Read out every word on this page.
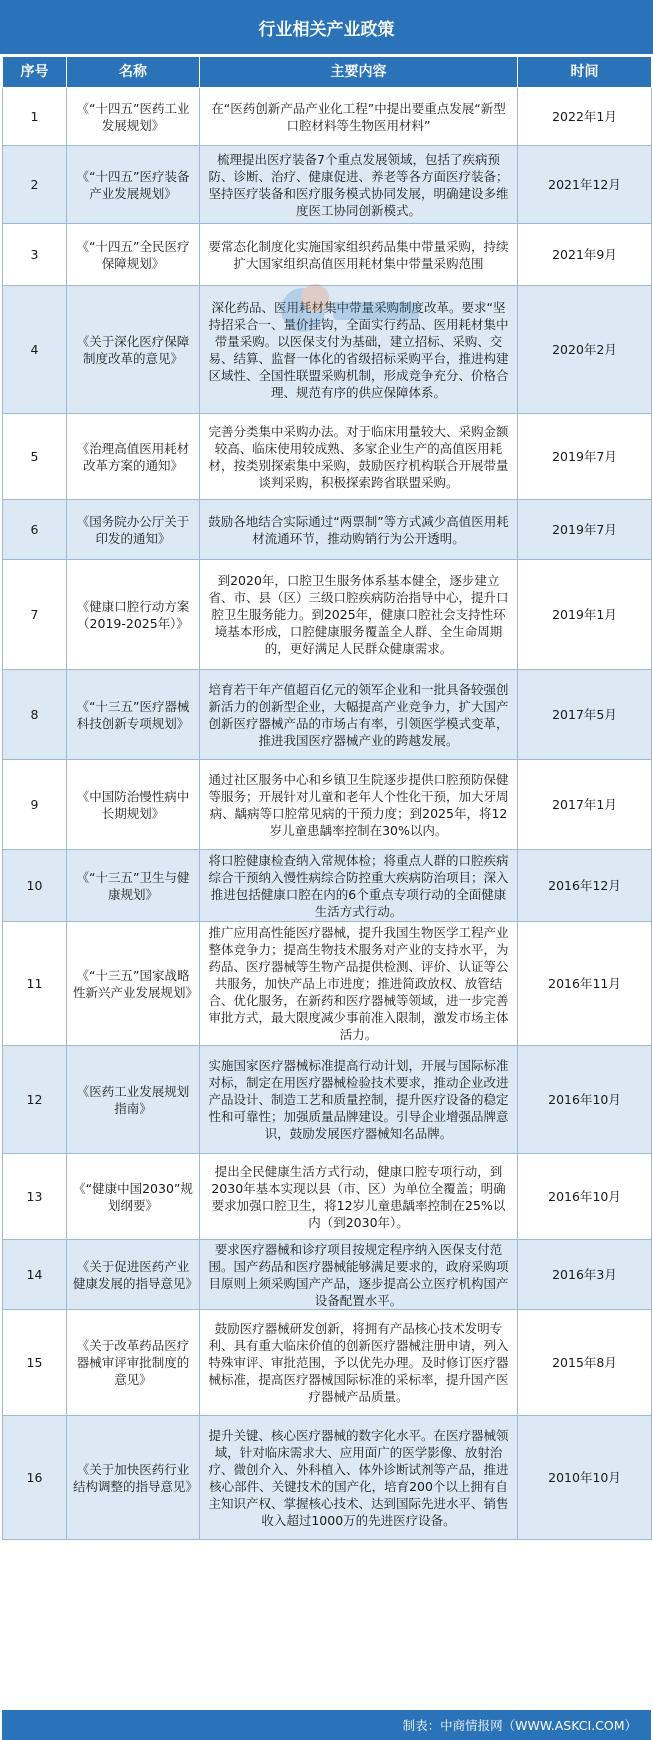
行业相关产业政策
序号	名称	主要内容	时间
1	《“十四五”医药工业发展规划》	在“医药创新产品产业化工程”中提出要重点发展“新型口腔材料等生物医用材料”	2022年1月
2	《“十四五”医疗装备产业发展规划》	梳理提出医疗装备7个重点发展领域，包括了疾病预防、诊断、治疗、健康促进、养老等各方面医疗装备；坚持医疗装备和医疗服务模式协同发展，明确建设多维度医工协同创新模式。	2021年12月
3	《“十四五”全民医疗保障规划》	要常态化制度化实施国家组织药品集中带量采购，持续扩大国家组织高值医用耗材集中带量采购范围	2021年9月
4	《关于深化医疗保障制度改革的意见》	深化药品、医用耗材集中带量采购制度改革。要求“坚持招采合一、量价挂钩，全面实行药品、医用耗材集中带量采购。以医保支付为基础，建立招标、采购、交易、结算、监督一体化的省级招标采购平台，推进构建区域性、全国性联盟采购机制，形成竞争充分、价格合理、规范有序的供应保障体系。	2020年2月
5	《治理高值医用耗材改革方案的通知》	完善分类集中采购办法。对于临床用量较大、采购金额较高、临床使用较成熟、多家企业生产的高值医用耗材，按类别探索集中采购，鼓励医疗机构联合开展带量谈判采购，积极探索跨省联盟采购。	2019年7月
6	《国务院办公厅关于印发的通知》	鼓励各地结合实际通过“两票制”等方式减少高值医用耗材流通环节，推动购销行为公开透明。	2019年7月
7	《健康口腔行动方案（2019-2025年）》	到2020年，口腔卫生服务体系基本健全，逐步建立省、市、县（区）三级口腔疾病防治指导中心，提升口腔卫生服务能力。到2025年，健康口腔社会支持性环境基本形成，口腔健康服务覆盖全人群、全生命周期的，更好满足人民群众健康需求。	2019年1月
8	《“十三五”医疗器械科技创新专项规划》	培育若干年产值超百亿元的领军企业和一批具备较强创新活力的创新型企业，大幅提高产业竞争力，扩大国产创新医疗器械产品的市场占有率，引领医学模式变革，推进我国医疗器械产业的跨越发展。	2017年5月
9	《中国防治慢性病中长期规划》	通过社区服务中心和乡镇卫生院逐步提供口腔预防保健等服务；开展针对儿童和老年人个性化干预，加大牙周病、龋病等口腔常见病的干预力度；到2025年，将12岁儿童患龋率控制在30%以内。	2017年1月
10	《“十三五”卫生与健康规划》	将口腔健康检查纳入常规体检；将重点人群的口腔疾病综合干预纳入慢性病综合防控重大疾病防治项目；深入推进包括健康口腔在内的6个重点专项行动的全面健康生活方式行动。	2016年12月
11	《“十三五”国家战略性新兴产业发展规划》	推广应用高性能医疗器械，提升我国生物医学工程产业整体竞争力；提高生物技术服务对产业的支持水平，为药品、医疗器械等生物产品提供检测、评价、认证等公共服务，加快产品上市进度；推进简政放权、放管结合、优化服务，在新药和医疗器械等领域，进一步完善审批方式，最大限度减少事前准入限制，激发市场主体活力。	2016年11月
12	《医药工业发展规划指南》	实施国家医疗器械标准提高行动计划，开展与国际标准对标，制定在用医疗器械检验技术要求，推动企业改进产品设计、制造工艺和质量控制，提升医疗设备的稳定性和可靠性；加强质量品牌建设。引导企业增强品牌意识，鼓励发展医疗器械知名品牌。	2016年10月
13	《“健康中国2030”规划纲要》	提出全民健康生活方式行动，健康口腔专项行动，到2030年基本实现以县（市、区）为单位全覆盖；明确要求加强口腔卫生，将12岁儿童患龋率控制在25%以内（到2030年）。	2016年10月
14	《关于促进医药产业健康发展的指导意见》	要求医疗器械和诊疗项目按规定程序纳入医保支付范围。国产药品和医疗器械能够满足要求的，政府采购项目原则上须采购国产产品，逐步提高公立医疗机构国产设备配置水平。	2016年3月
15	《关于改革药品医疗器械审评审批制度的意见》	鼓励医疗器械研发创新，将拥有产品核心技术发明专利、具有重大临床价值的创新医疗器械注册申请，列入特殊审评、审批范围，予以优先办理。及时修订医疗器械标准，提高医疗器械国际标准的采标率，提升国产医疗器械产品质量。	2015年8月
16	《关于加快医药行业结构调整的指导意见》	提升关键、核心医疗器械的数字化水平。在医疗器械领域，针对临床需求大、应用面广的医学影像、放射治疗、微创介入、外科植入、体外诊断试剂等产品，推进核心部件、关键技术的国产化，培育200个以上拥有自主知识产权、掌握核心技术、达到国际先进水平、销售收入超过1000万的先进医疗设备。	2010年10月
制表：中商情报网（WWW.ASKCI.COM）
